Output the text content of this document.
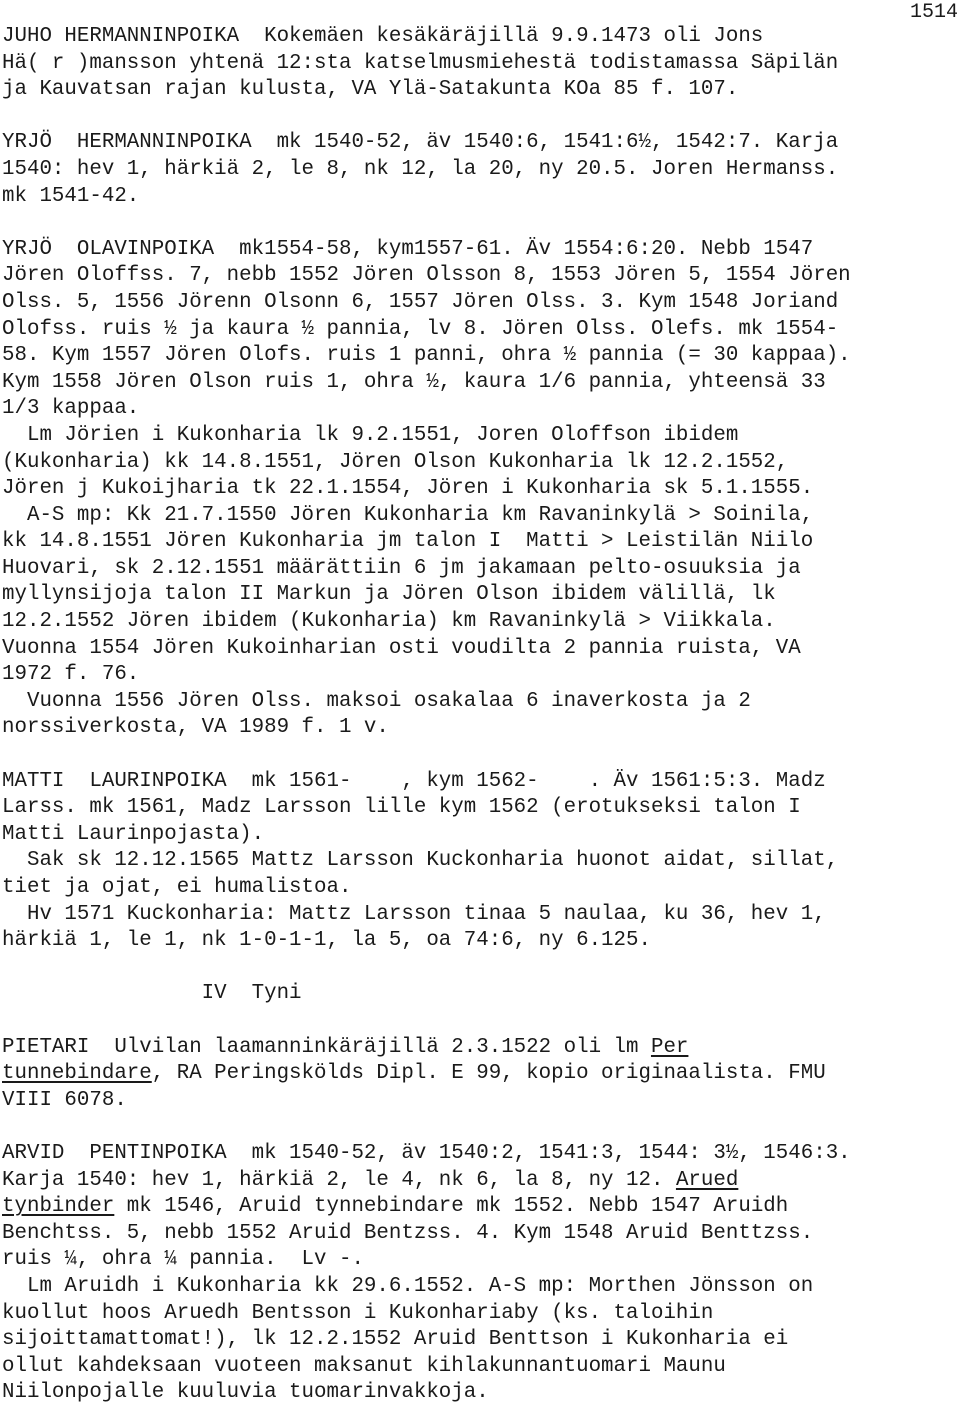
1514
JUHO HERMANNINPOIKA  Kokemäen kesäkäräjillä 9.9.1473 oli Jons
Hä( r )mansson yhtenä 12:sta katselmusmiehestä todistamassa Säpilän
ja Kauvatsan rajan kulusta, VA Ylä-Satakunta KOa 85 f. 107.
YRJÖ  HERMANNINPOIKA  mk 1540-52, äv 1540:6, 1541:6½, 1542:7. Karja
1540: hev 1, härkiä 2, le 8, nk 12, la 20, ny 20.5. Joren Hermanss.
mk 1541-42.
YRJÖ  OLAVINPOIKA  mk1554-58, kym1557-61. Äv 1554:6:20. Nebb 1547
Jören Oloffss. 7, nebb 1552 Jören Olsson 8, 1553 Jören 5, 1554 Jören
Olss. 5, 1556 Jörenn Olsonn 6, 1557 Jören Olss. 3. Kym 1548 Joriand
Olofss. ruis ½ ja kaura ½ pannia, lv 8. Jören Olss. Olefs. mk 1554-
58. Kym 1557 Jören Olofs. ruis 1 panni, ohra ½ pannia (= 30 kappaa).
Kym 1558 Jören Olson ruis 1, ohra ½, kaura 1/6 pannia, yhteensä 33
1/3 kappaa.
Lm Jörien i Kukonharia lk 9.2.1551, Joren Oloffson ibidem
(Kukonharia) kk 14.8.1551, Jören Olson Kukonharia lk 12.2.1552,
Jören j Kukoijharia tk 22.1.1554, Jören i Kukonharia sk 5.1.1555.
A-S mp: Kk 21.7.1550 Jören Kukonharia km Ravaninkylä > Soinila,
kk 14.8.1551 Jören Kukonharia jm talon I  Matti > Leistilän Niilo
Huovari, sk 2.12.1551 määrättiin 6 jm jakamaan pelto-osuuksia ja
myllynsijoja talon II Markun ja Jören Olson ibidem välillä, lk
12.2.1552 Jören ibidem (Kukonharia) km Ravaninkylä > Viikkala.
Vuonna 1554 Jören Kukoinharian osti voudilta 2 pannia ruista, VA
1972 f. 76.
Vuonna 1556 Jören Olss. maksoi osakalaa 6 inaverkosta ja 2
norssiverkosta, VA 1989 f. 1 v.
MATTI  LAURINPOIKA  mk 1561-    , kym 1562-    . Äv 1561:5:3. Madz
Larss. mk 1561, Madz Larsson lille kym 1562 (erotukseksi talon I
Matti Laurinpojasta).
Sak sk 12.12.1565 Mattz Larsson Kuckonharia huonot aidat, sillat,
tiet ja ojat, ei humalistoa.
Hv 1571 Kuckonharia: Mattz Larsson tinaa 5 naulaa, ku 36, hev 1,
härkiä 1, le 1, nk 1-0-1-1, la 5, oa 74:6, ny 6.125.
IV  Tyni
PIETARI  Ulvilan laamanninkäräjillä 2.3.1522 oli lm Per
tunnebindare, RA Peringskölds Dipl. E 99, kopio originaalista. FMU
VIII 6078.
ARVID  PENTINPOIKA  mk 1540-52, äv 1540:2, 1541:3, 1544: 3½, 1546:3.
Karja 1540: hev 1, härkiä 2, le 4, nk 6, la 8, ny 12. Arued
tynbinder mk 1546, Aruid tynnebindare mk 1552. Nebb 1547 Aruidh
Benchtss. 5, nebb 1552 Aruid Bentzss. 4. Kym 1548 Aruid Benttzss.
ruis ¼, ohra ¼ pannia.  Lv -.
Lm Aruidh i Kukonharia kk 29.6.1552. A-S mp: Morthen Jönsson on
kuollut hoos Aruedh Bentsson i Kukonhariaby (ks. taloihin
sijoittamattomat!), lk 12.2.1552 Aruid Benttson i Kukonharia ei
ollut kahdeksaan vuoteen maksanut kihlakunnantuomari Maunu
Niilonpojalle kuuluvia tuomarinvakkoja.
